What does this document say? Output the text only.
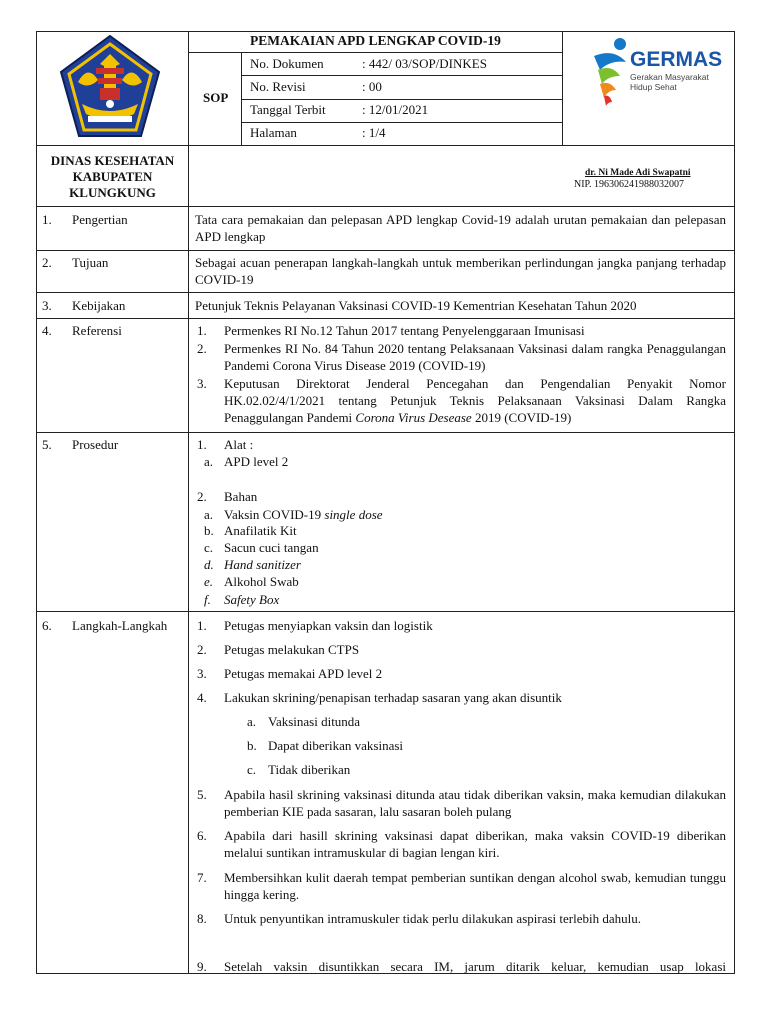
PEMAKAIAN APD LENGKAP COVID-19
SOP
No. Dokumen	: 442/ 03/SOP/DINKES
No. Revisi	: 00
Tanggal Terbit	: 12/01/2021
Halaman	: 1/4
GERMAS
Gerakan Masyarakat
Hidup Sehat
DINAS KESEHATAN
KABUPATEN
KLUNGKUNG
dr. Ni Made Adi Swapatni
NIP. 196306241988032007
1. Pengertian	Tata cara pemakaian dan pelepasan APD lengkap Covid-19 adalah urutan pemakaian dan pelepasan APD lengkap
2. Tujuan	Sebagai acuan penerapan langkah-langkah untuk memberikan perlindungan jangka panjang terhadap COVID-19
3. Kebijakan	Petunjuk Teknis Pelayanan Vaksinasi COVID-19 Kementrian Kesehatan Tahun 2020
4. Referensi	1. Permenkes RI No.12 Tahun 2017 tentang Penyelenggaraan Imunisasi
2. Permenkes RI No. 84 Tahun 2020 tentang Pelaksanaan Vaksinasi dalam rangka Penaggulangan Pandemi Corona Virus Disease 2019 (COVID-19)
3. Keputusan Direktorat Jenderal Pencegahan dan Pengendalian Penyakit Nomor HK.02.02/4/1/2021 tentang Petunjuk Teknis Pelaksanaan Vaksinasi Dalam Rangka Penaggulangan Pandemi Corona Virus Desease 2019 (COVID-19)
5. Prosedur	1. Alat :
a. APD level 2
2. Bahan
a. Vaksin COVID-19 single dose
b. Anafilatik Kit
c. Sacun cuci tangan
d. Hand sanitizer
e. Alkohol Swab
f. Safety Box
6. Langkah-Langkah 1. Petugas menyiapkan vaksin dan logistik
2. Petugas melakukan CTPS
3. Petugas memakai APD level 2
4. Lakukan skrining/penapisan terhadap sasaran yang akan disuntik
a. Vaksinasi ditunda
b. Dapat diberikan vaksinasi
c. Tidak diberikan
5. Apabila hasil skrining vaksinasi ditunda atau tidak diberikan vaksin, maka kemudian dilakukan pemberian KIE pada sasaran, lalu sasaran boleh pulang
6. Apabila dari hasill skrining vaksinasi dapat diberikan, maka vaksin COVID-19 diberikan melalui suntikan intramuskular di bagian lengan kiri.
7. Membersihkan kulit daerah tempat pemberian suntikan dengan alcohol swab, kemudian tunggu hingga kering.
8. Untuk penyuntikan intramuskuler tidak perlu dilakukan aspirasi terlebih dahulu.
9. Setelah vaksin disuntikkan secara IM, jarum ditarik keluar, kemudian usap lokasi
